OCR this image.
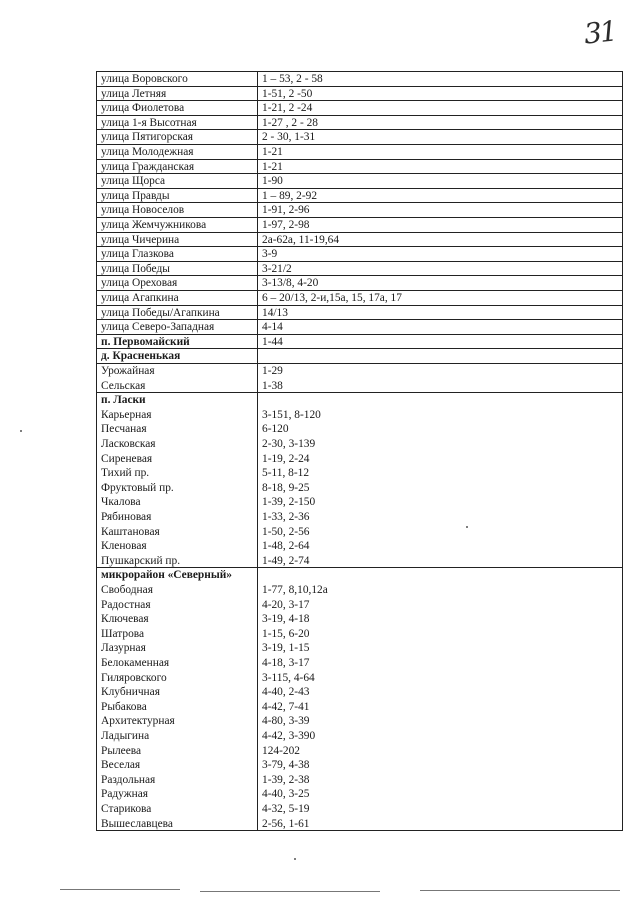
31
улица Воровского	1 – 53, 2 - 58
улица Летняя	1-51, 2 -50
улица Фиолетова	1-21, 2 -24
улица 1-я Высотная	1-27 , 2 - 28
улица Пятигорская	2 - 30, 1-31
улица Молодежная	1-21
улица Гражданская	1-21
улица Щорса	1-90
улица Правды	1 – 89, 2-92
улица Новоселов	1-91, 2-96
улица Жемчужникова	1-97, 2-98
улица Чичерина	2а-62а, 11-19,64
улица Глазкова	3-9
улица Победы	3-21/2
улица Ореховая	3-13/8, 4-20
улица Агапкина	6 – 20/13, 2-и,15а, 15, 17а, 17
улица Победы/Агапкина	14/13
улица Северо-Западная	4-14
п. Первомайский	1-44
д. Красненькая
Урожайная	1-29
Сельская	1-38
п. Ласки
Карьерная	3-151, 8-120
Песчаная	6-120
Ласковская	2-30, 3-139
Сиреневая	1-19, 2-24
Тихий пр.	5-11, 8-12
Фруктовый пр.	8-18, 9-25
Чкалова	1-39, 2-150
Рябиновая	1-33, 2-36
Каштановая	1-50, 2-56
Кленовая	1-48, 2-64
Пушкарский пр.	1-49, 2-74
микрорайон «Северный»
Свободная	1-77, 8,10,12а
Радостная	4-20, 3-17
Ключевая	3-19, 4-18
Шатрова	1-15, 6-20
Лазурная	3-19, 1-15
Белокаменная	4-18, 3-17
Гиляровского	3-115, 4-64
Клубничная	4-40, 2-43
Рыбакова	4-42, 7-41
Архитектурная	4-80, 3-39
Ладыгина	4-42, 3-390
Рылеева	124-202
Веселая	3-79, 4-38
Раздольная	1-39, 2-38
Радужная	4-40, 3-25
Старикова	4-32, 5-19
Вышеславцева	2-56, 1-61
